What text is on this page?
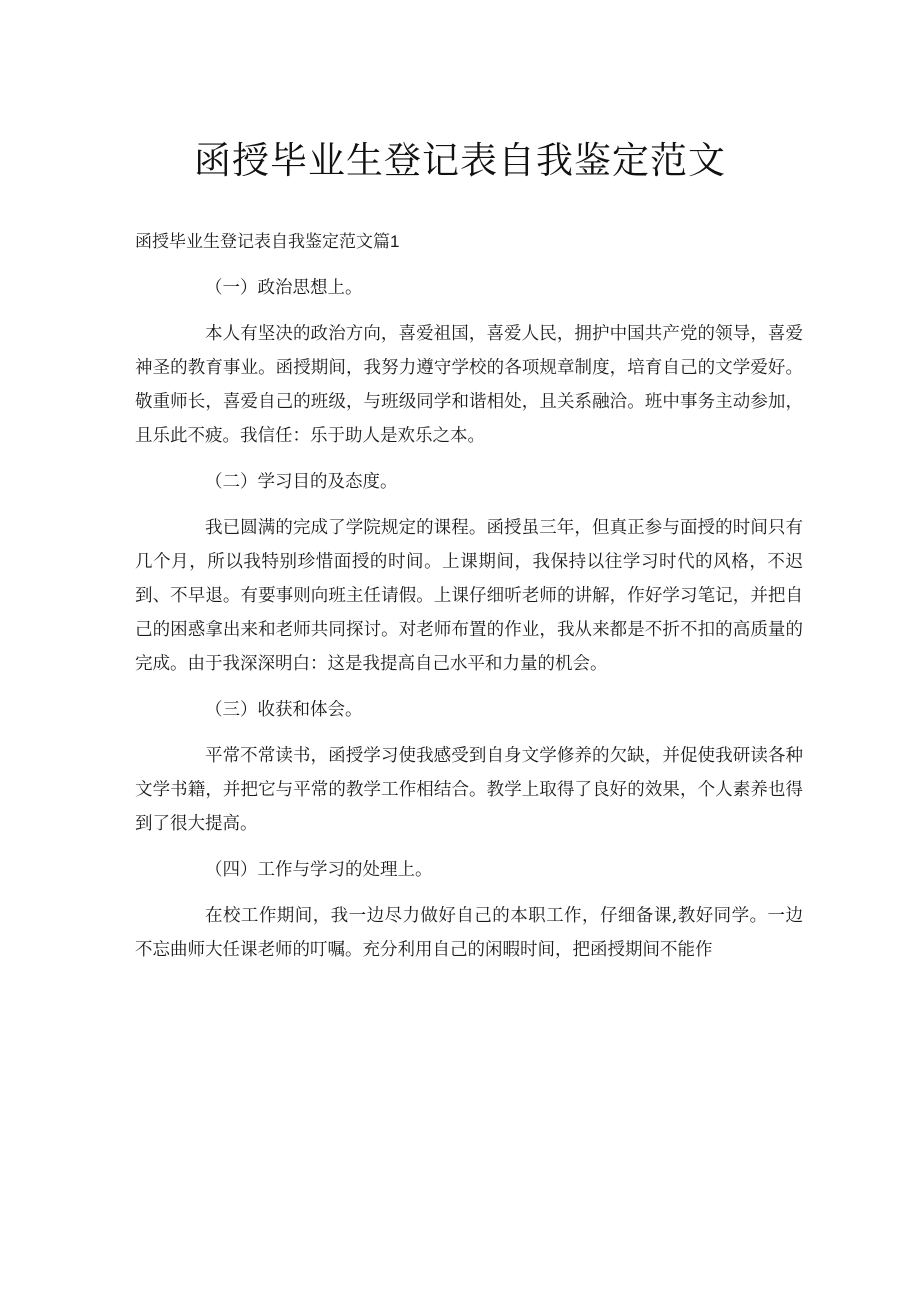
函授毕业生登记表自我鉴定范文

函授毕业生登记表自我鉴定范文篇1

（一）政治思想上。

本人有坚决的政治方向，喜爱祖国，喜爱人民，拥护中国共产党的领导，喜爱神圣的教育事业。函授期间，我努力遵守学校的各项规章制度，培育自己的文学爱好。敬重师长，喜爱自己的班级，与班级同学和谐相处，且关系融洽。班中事务主动参加，且乐此不疲。我信任：乐于助人是欢乐之本。

（二）学习目的及态度。

我已圆满的完成了学院规定的课程。函授虽三年，但真正参与面授的时间只有几个月，所以我特别珍惜面授的时间。上课期间，我保持以往学习时代的风格，不迟到、不早退。有要事则向班主任请假。上课仔细听老师的讲解，作好学习笔记，并把自己的困惑拿出来和老师共同探讨。对老师布置的作业，我从来都是不折不扣的高质量的完成。由于我深深明白：这是我提高自己水平和力量的机会。

（三）收获和体会。

平常不常读书，函授学习使我感受到自身文学修养的欠缺，并促使我研读各种文学书籍，并把它与平常的教学工作相结合。教学上取得了良好的效果，个人素养也得到了很大提高。

（四）工作与学习的处理上。

在校工作期间，我一边尽力做好自己的本职工作，仔细备课,教好同学。一边不忘曲师大任课老师的叮嘱。充分利用自己的闲暇时间，把函授期间不能作
